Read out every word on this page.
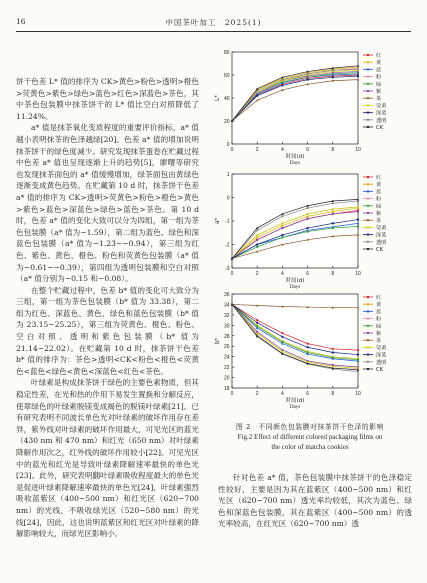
16	中国茶叶加工　2025(1)

饼干色差 L* 值的排序为 CK>黄色>粉色>透明>橙色>荧黄色>紫色>绿色>蓝色>红色>深蓝色>茶色，其中茶色包装膜中抹茶饼干的 L* 值比空白对照降低了 11.24%。

a* 值是抹茶氧化变质程度的重要评价指标，a* 值越小表明抹茶的色泽越绿[20]。色差 a* 值的增加说明抹茶饼干的绿色度减少。研究发现抹茶蛋卷在贮藏过程中色差 a* 值也呈现逐渐上升的趋势[5]，廖曙等研究也发现抹茶面包的 a* 值缓慢增加，绿茶面包由黄绿色逐渐变成黄色趋势。在贮藏第 10 d 时，抹茶饼干色差 a* 值的排序为 CK>透明>荧黄色>粉色>橙色>黄色>紫色>蓝色>深蓝色>绿色>蓝色>茶色。第 10 d 时，色差 a* 值的变化大致可以分为四组，第一组为茶色包装膜（a* 值为−1.59），第二组为蓝色、绿色和深蓝色包装膜（a* 值为−1.23~−0.94），第三组为红色、紫色、黄色、橙色、粉色和荧黄色包装膜（a* 值为−0.61~−0.39），第四组为透明包装膜和空白对照（a* 值分别为−0.15 和−0.08）。

在整个贮藏过程中，色差 b* 值的变化可大致分为三组，第一组为茶色包装膜（b* 值为 33.38），第二组为红色、深蓝色、黄色、绿色和蓝色包装膜（b* 值为 23.15~25.25），第三组为荧黄色、橙色、粉色、空白对照、透明和紫色包装膜（b* 值为 21.14~22.02）。在贮藏第 10 d 时，抹茶饼干色差 b* 值的排序为：茶色>透明<CK<粉色<橙色<荧黄色<蓝色<绿色<黄色<深蓝色<红色<茶色。

叶绿素是构成抹茶饼干绿色的主要色素物质，但其稳定性差，在光和热的作用下易发生置换和分解反应，使翠绿色的叶绿素脱镁变成褐色的脱镁叶绿素[21]。已有研究表明不同波长单色光对叶绿素的破坏作用存在差异，紫外线对叶绿素的破坏作用最大，可见光区的蓝光（430 nm 和 470 nm）和红光（650 nm）对叶绿素降解作用次之，红外线的破坏作用较小[22]。可见光区中的蓝光和红光是导致叶绿素降解速率最快的单色光[23]。此外，研究表明翻叶绿素吸收程度最大的单色光是促进叶绿素降解速率最快的单色光[24]，叶绿素强烈吸收蓝紫区（400~500 nm）和红光区（620~700 nm）的光线，不吸收绿光区（520~580 nm）的光线[24]，因此，这也说明蓝紫区和红光区对叶绿素的降解影响较大，而绿光区影响小。

0
20
40
60
80
0	2	4	6	8	10
L*
时间(d)
Days
红
黄
蓝
粉
绿
紫
茶
荧黄
深蓝
透明
CK
-3
-2
-1
0
1
0	2	4	6	8	10
a*
时间(d)
Days
红
黄
蓝
粉
绿
紫
茶
荧黄
深蓝
透明
CK
18
20
22
24
26
28
30
32
34
36
0	2	4	6	8	10
b*
时间(d)
Days
红
黄
蓝
粉
绿
紫
茶
荧黄
深蓝
透明
CK
图 2　不同颜色包装膜对抹茶饼干色泽的影响
Fig.2 Effect of different colored packaging films on
the color of matcha cookies

针对色差 a* 值，茶色包装膜中抹茶饼干的色泽稳定性较好，主要是因为其在蓝紫区（400~500 nm）和红光区（620~700 nm）透光率均较低，其次为蓝色、绿色和深蓝色包装膜，其在蓝紫区（400~500 nm）的透光率较高，在红光区（620~700 nm）透
